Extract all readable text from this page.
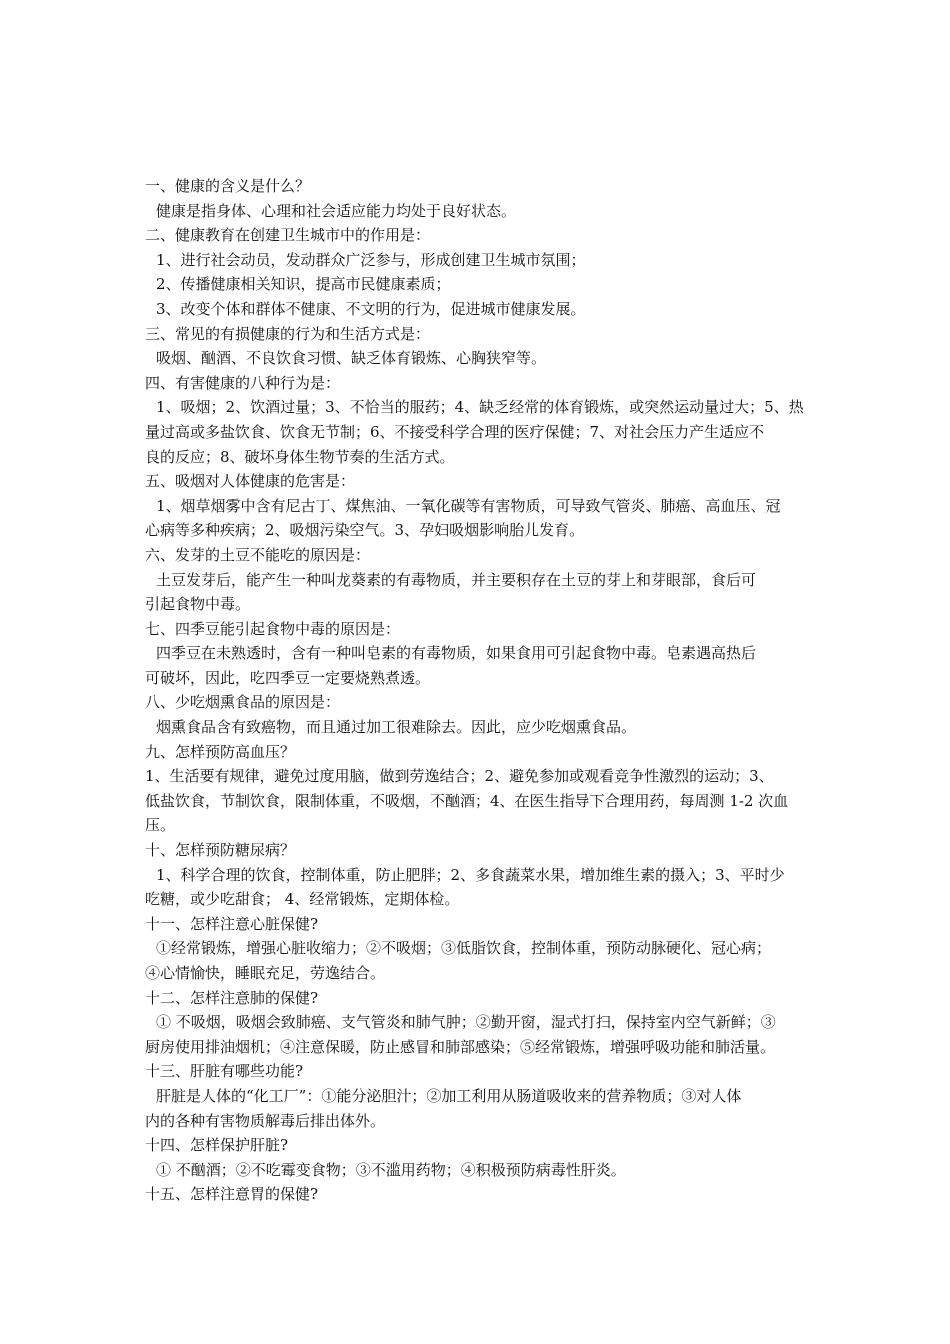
一、健康的含义是什么？

健康是指身体、心理和社会适应能力均处于良好状态。

二、健康教育在创建卫生城市中的作用是：

1、进行社会动员，发动群众广泛参与，形成创建卫生城市氛围；

2、传播健康相关知识，提高市民健康素质；

3、改变个体和群体不健康、不文明的行为，促进城市健康发展。

三、常见的有损健康的行为和生活方式是：

吸烟、酗酒、不良饮食习惯、缺乏体育锻炼、心胸狭窄等。

四、有害健康的八种行为是：

1、吸烟；2、饮酒过量；3、不恰当的服药；4、缺乏经常的体育锻炼，或突然运动量过大；5、热

量过高或多盐饮食、饮食无节制；6、不接受科学合理的医疗保健；7、对社会压力产生适应不

良的反应；8、破坏身体生物节奏的生活方式。

五、吸烟对人体健康的危害是：

1、烟草烟雾中含有尼古丁、煤焦油、一氧化碳等有害物质，可导致气管炎、肺癌、高血压、冠

心病等多种疾病；2、吸烟污染空气。3、孕妇吸烟影响胎儿发育。

六、发芽的土豆不能吃的原因是：

土豆发芽后，能产生一种叫龙葵素的有毒物质，并主要积存在土豆的芽上和芽眼部，食后可

引起食物中毒。

七、四季豆能引起食物中毒的原因是：

四季豆在未熟透时，含有一种叫皂素的有毒物质，如果食用可引起食物中毒。皂素遇高热后

可破坏，因此，吃四季豆一定要烧熟煮透。

八、少吃烟熏食品的原因是：

烟熏食品含有致癌物，而且通过加工很难除去。因此，应少吃烟熏食品。

九、怎样预防高血压？

1、生活要有规律，避免过度用脑，做到劳逸结合；2、避免参加或观看竞争性激烈的运动；3、

低盐饮食，节制饮食，限制体重，不吸烟，不酗酒；4、在医生指导下合理用药，每周测 1-2 次血

压。

十、怎样预防糖尿病？

1、科学合理的饮食，控制体重，防止肥胖；2、多食蔬菜水果，增加维生素的摄入；3、平时少

吃糖，或少吃甜食； 4、经常锻炼，定期体检。

十一、怎样注意心脏保健?

①经常锻炼，增强心脏收缩力；②不吸烟；③低脂饮食，控制体重，预防动脉硬化、冠心病；

④心情愉快，睡眠充足，劳逸结合。

十二、怎样注意肺的保健?

① 不吸烟，吸烟会致肺癌、支气管炎和肺气肿；②勤开窗，湿式打扫，保持室内空气新鲜；③

厨房使用排油烟机；④注意保暖，防止感冒和肺部感染；⑤经常锻炼，增强呼吸功能和肺活量。

十三、肝脏有哪些功能?

肝脏是人体的“化工厂”：①能分泌胆汁；②加工利用从肠道吸收来的营养物质；③对人体

内的各种有害物质解毒后排出体外。

十四、怎样保护肝脏?

① 不酗酒；②不吃霉变食物；③不滥用药物；④积极预防病毒性肝炎。

十五、怎样注意胃的保健?
